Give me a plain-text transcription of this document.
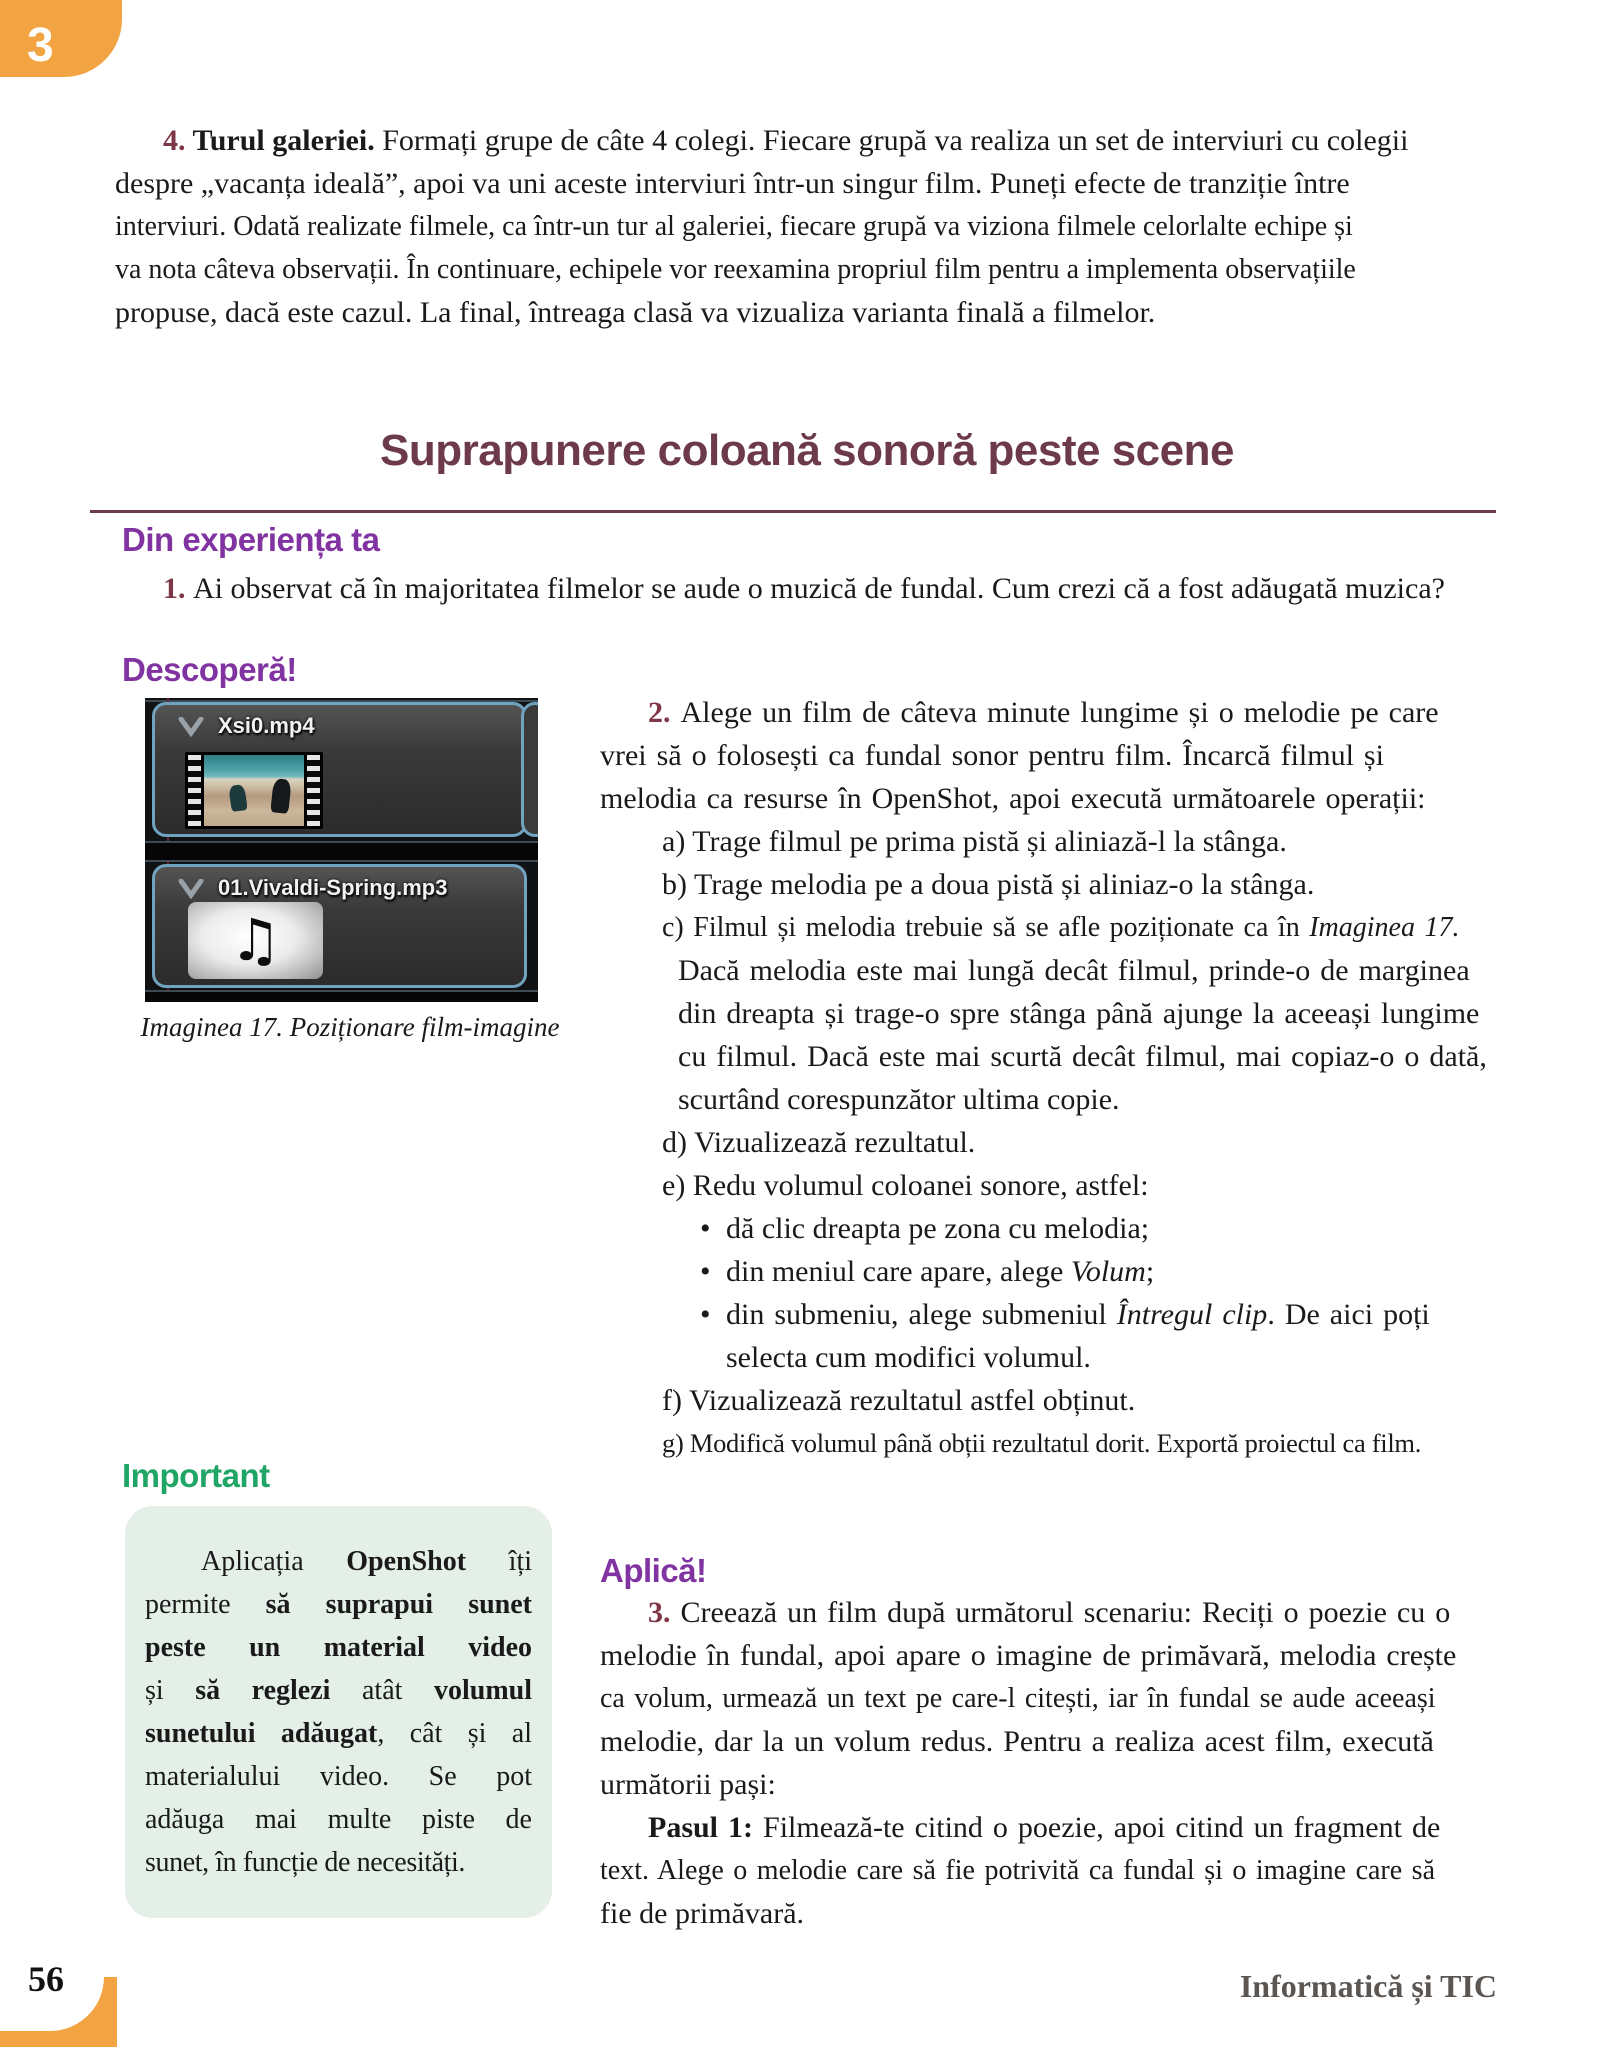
3
4. Turul galeriei. Formați grupe de câte 4 colegi. Fiecare grupă va realiza un set de interviuri cu colegii
despre „vacanța ideală”, apoi va uni aceste interviuri într-un singur film. Puneți efecte de tranziție între
interviuri. Odată realizate filmele, ca într-un tur al galeriei, fiecare grupă va viziona filmele celorlalte echipe și
va nota câteva observații. În continuare, echipele vor reexamina propriul film pentru a implementa observațiile
propuse, dacă este cazul. La final, întreaga clasă va vizualiza varianta finală a filmelor.
Suprapunere coloană sonoră peste scene
Din experiența ta
1. Ai observat că în majoritatea filmelor se aude o muzică de fundal. Cum crezi că a fost adăugată muzica?
Descoperă!
Xsi0.mp4
01.Vivaldi-Spring.mp3
♫
Imaginea 17. Poziționare film-imagine
2. Alege un film de câteva minute lungime și o melodie pe care
vrei să o folosești ca fundal sonor pentru film. Încarcă filmul și
melodia ca resurse în OpenShot, apoi execută următoarele operații:
a) Trage filmul pe prima pistă și aliniază-l la stânga.
b) Trage melodia pe a doua pistă și aliniaz-o la stânga.
c) Filmul și melodia trebuie să se afle poziționate ca în Imaginea 17.
Dacă melodia este mai lungă decât filmul, prinde-o de marginea
din dreapta și trage-o spre stânga până ajunge la aceeași lungime
cu filmul. Dacă este mai scurtă decât filmul, mai copiaz-o o dată,
scurtând corespunzător ultima copie.
d) Vizualizează rezultatul.
e) Redu volumul coloanei sonore, astfel:
• dă clic dreapta pe zona cu melodia;
• din meniul care apare, alege Volum;
• din submeniu, alege submeniul Întregul clip. De aici poți
selecta cum modifici volumul.
f) Vizualizează rezultatul astfel obținut.
g) Modifică volumul până obții rezultatul dorit. Exportă proiectul ca film.
Important
Aplicația OpenShot îți
permite să suprapui sunet
peste un material video
și să reglezi atât volumul
sunetului adăugat, cât și al
materialului video. Se pot
adăuga mai multe piste de
sunet, în funcție de necesități.
Aplică!
3. Creează un film după următorul scenariu: Reciți o poezie cu o
melodie în fundal, apoi apare o imagine de primăvară, melodia crește
ca volum, urmează un text pe care-l citești, iar în fundal se aude aceeași
melodie, dar la un volum redus. Pentru a realiza acest film, execută
următorii pași:
Pasul 1: Filmează-te citind o poezie, apoi citind un fragment de
text. Alege o melodie care să fie potrivită ca fundal și o imagine care să
fie de primăvară.
56	Informatică și TIC
